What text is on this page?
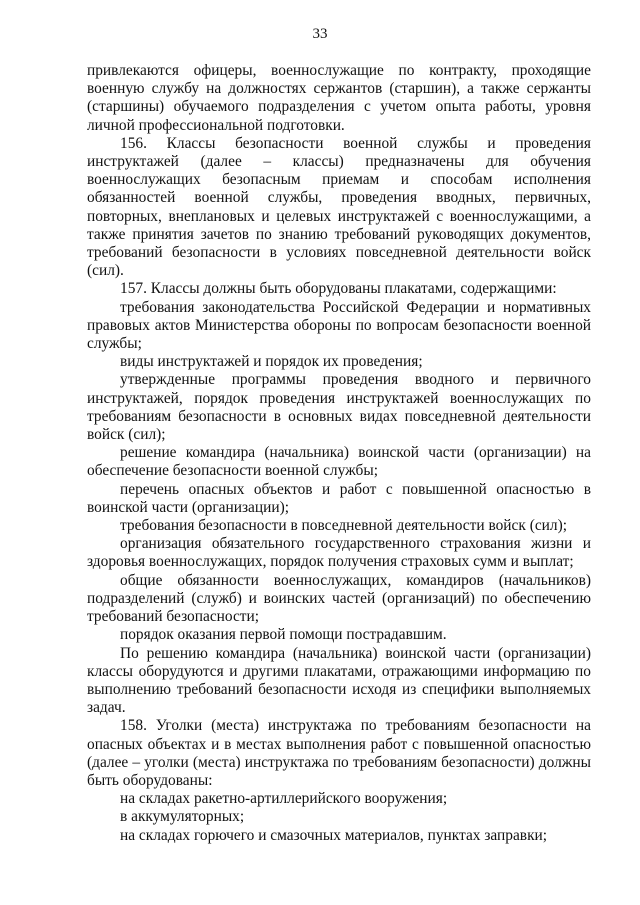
33

привлекаются офицеры, военнослужащие по контракту, проходящие военную службу на должностях сержантов (старшин), а также сержанты (старшины) обучаемого подразделения с учетом опыта работы, уровня личной профессиональной подготовки.

156. Классы безопасности военной службы и проведения инструктажей (далее – классы) предназначены для обучения военнослужащих безопасным приемам и способам исполнения обязанностей военной службы, проведения вводных, первичных, повторных, внеплановых и целевых инструктажей с военнослужащими, а также принятия зачетов по знанию требований руководящих документов, требований безопасности в условиях повседневной деятельности войск (сил).

157. Классы должны быть оборудованы плакатами, содержащими:

требования законодательства Российской Федерации и нормативных правовых актов Министерства обороны по вопросам безопасности военной службы;

виды инструктажей и порядок их проведения;

утвержденные программы проведения вводного и первичного инструктажей, порядок проведения инструктажей военнослужащих по требованиям безопасности в основных видах повседневной деятельности войск (сил);

решение командира (начальника) воинской части (организации) на обеспечение безопасности военной службы;

перечень опасных объектов и работ с повышенной опасностью в воинской части (организации);

требования безопасности в повседневной деятельности войск (сил);

организация обязательного государственного страхования жизни и здоровья военнослужащих, порядок получения страховых сумм и выплат;

общие обязанности военнослужащих, командиров (начальников) подразделений (служб) и воинских частей (организаций) по обеспечению требований безопасности;

порядок оказания первой помощи пострадавшим.

По решению командира (начальника) воинской части (организации) классы оборудуются и другими плакатами, отражающими информацию по выполнению требований безопасности исходя из специфики выполняемых задач.

158. Уголки (места) инструктажа по требованиям безопасности на опасных объектах и в местах выполнения работ с повышенной опасностью (далее – уголки (места) инструктажа по требованиям безопасности) должны быть оборудованы:

на складах ракетно-артиллерийского вооружения;

в аккумуляторных;

на складах горючего и смазочных материалов, пунктах заправки;
